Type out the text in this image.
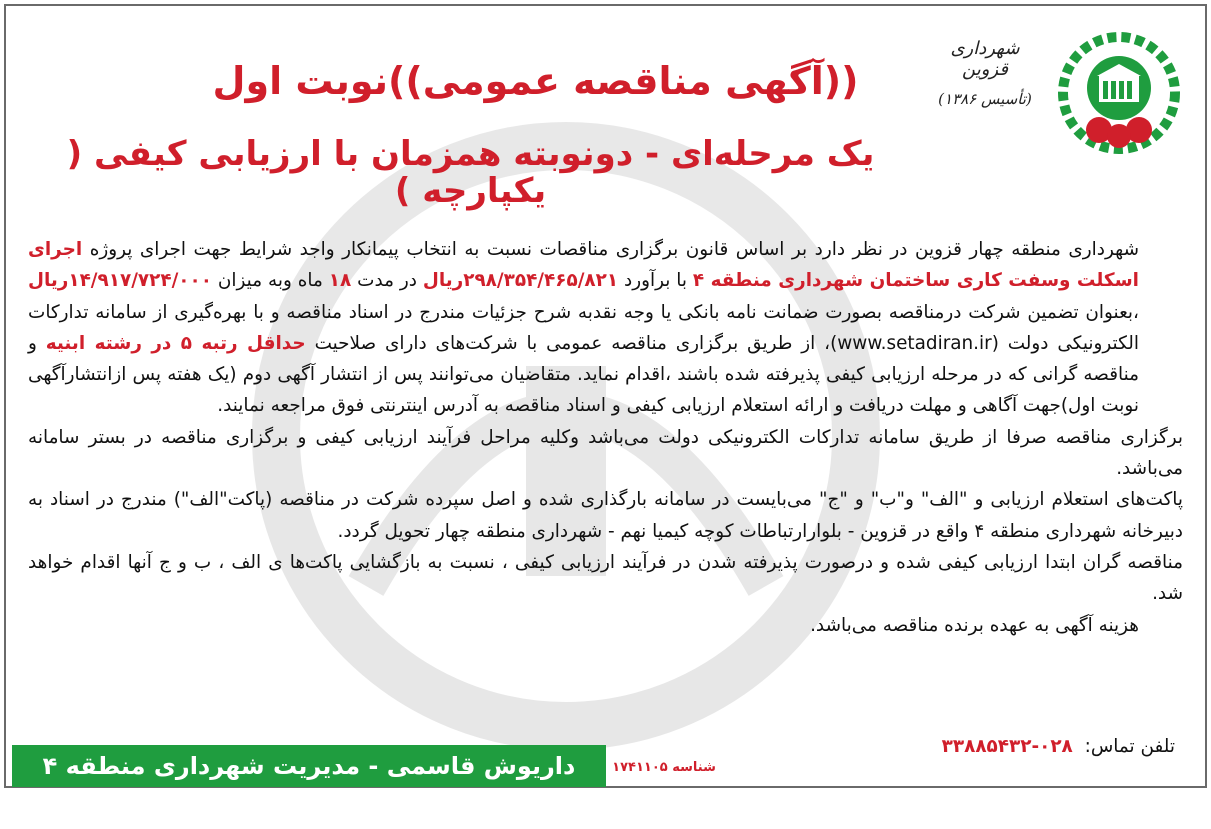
شهرداری قزوین
(تأسیس ۱۳۸۶)
((آگهی مناقصه عمومی))نوبت اول
یک مرحله‌ای - دونوبته همزمان با ارزیابی کیفی ( یکپارچه )

شهرداری منطقه چهار قزوین در نظر دارد بر اساس قانون برگزاری مناقصات نسبت به انتخاب پیمانکار واجد شرایط جهت اجرای پروژه اجرای اسکلت وسفت کاری ساختمان شهرداری منطقه ۴ با برآورد ۲۹۸/۳۵۴/۴۶۵/۸۲۱ریال در مدت ۱۸ ماه وبه میزان ۱۴/۹۱۷/۷۲۴/۰۰۰ریال ،بعنوان تضمین شرکت درمناقصه بصورت ضمانت نامه بانکی یا وجه نقدبه شرح جزئیات مندرج در اسناد مناقصه و با بهره‌گیری از سامانه تدارکات الکترونیکی دولت (www.setadiran.ir)، از طریق برگزاری مناقصه عمومی با شرکت‌های دارای صلاحیت حداقل رتبه ۵ در رشته ابنیه و مناقصه گرانی که در مرحله ارزیابی کیفی پذیرفته شده باشند ،اقدام نماید. متقاضیان می‌توانند پس از انتشار آگهی دوم (یک هفته پس ازانتشارآگهی نوبت اول)جهت آگاهی و مهلت دریافت و ارائه استعلام ارزیابی کیفی و اسناد مناقصه به آدرس اینترنتی فوق مراجعه نمایند.

برگزاری مناقصه صرفا از طریق سامانه تدارکات الکترونیکی دولت می‌باشد وکلیه مراحل فرآیند ارزیابی کیفی و برگزاری مناقصه در بستر سامانه می‌باشد.

پاکت‌های استعلام ارزیابی و "الف" و"ب" و "ج" می‌بایست در سامانه بارگذاری شده و اصل سپرده شرکت در مناقصه (پاکت"الف") مندرج در اسناد به دبیرخانه شهرداری منطقه ۴ واقع در قزوین - بلوارارتباطات کوچه کیمیا نهم - شهرداری منطقه چهار تحویل گردد.

مناقصه گران ابتدا ارزیابی کیفی شده و درصورت پذیرفته شدن در فرآیند ارزیابی کیفی ، نسبت به بازگشایی پاکت‌ها ی الف ، ب و ج آنها اقدام خواهد شد.

هزینه آگهی به عهده برنده مناقصه می‌باشد.

تلفن تماس: ۰۲۸-۳۳۸۸۵۴۳۲
شناسه ۱۷۴۱۱۰۵
داریوش قاسمی - مدیریت شهرداری منطقه ۴ قزوین
